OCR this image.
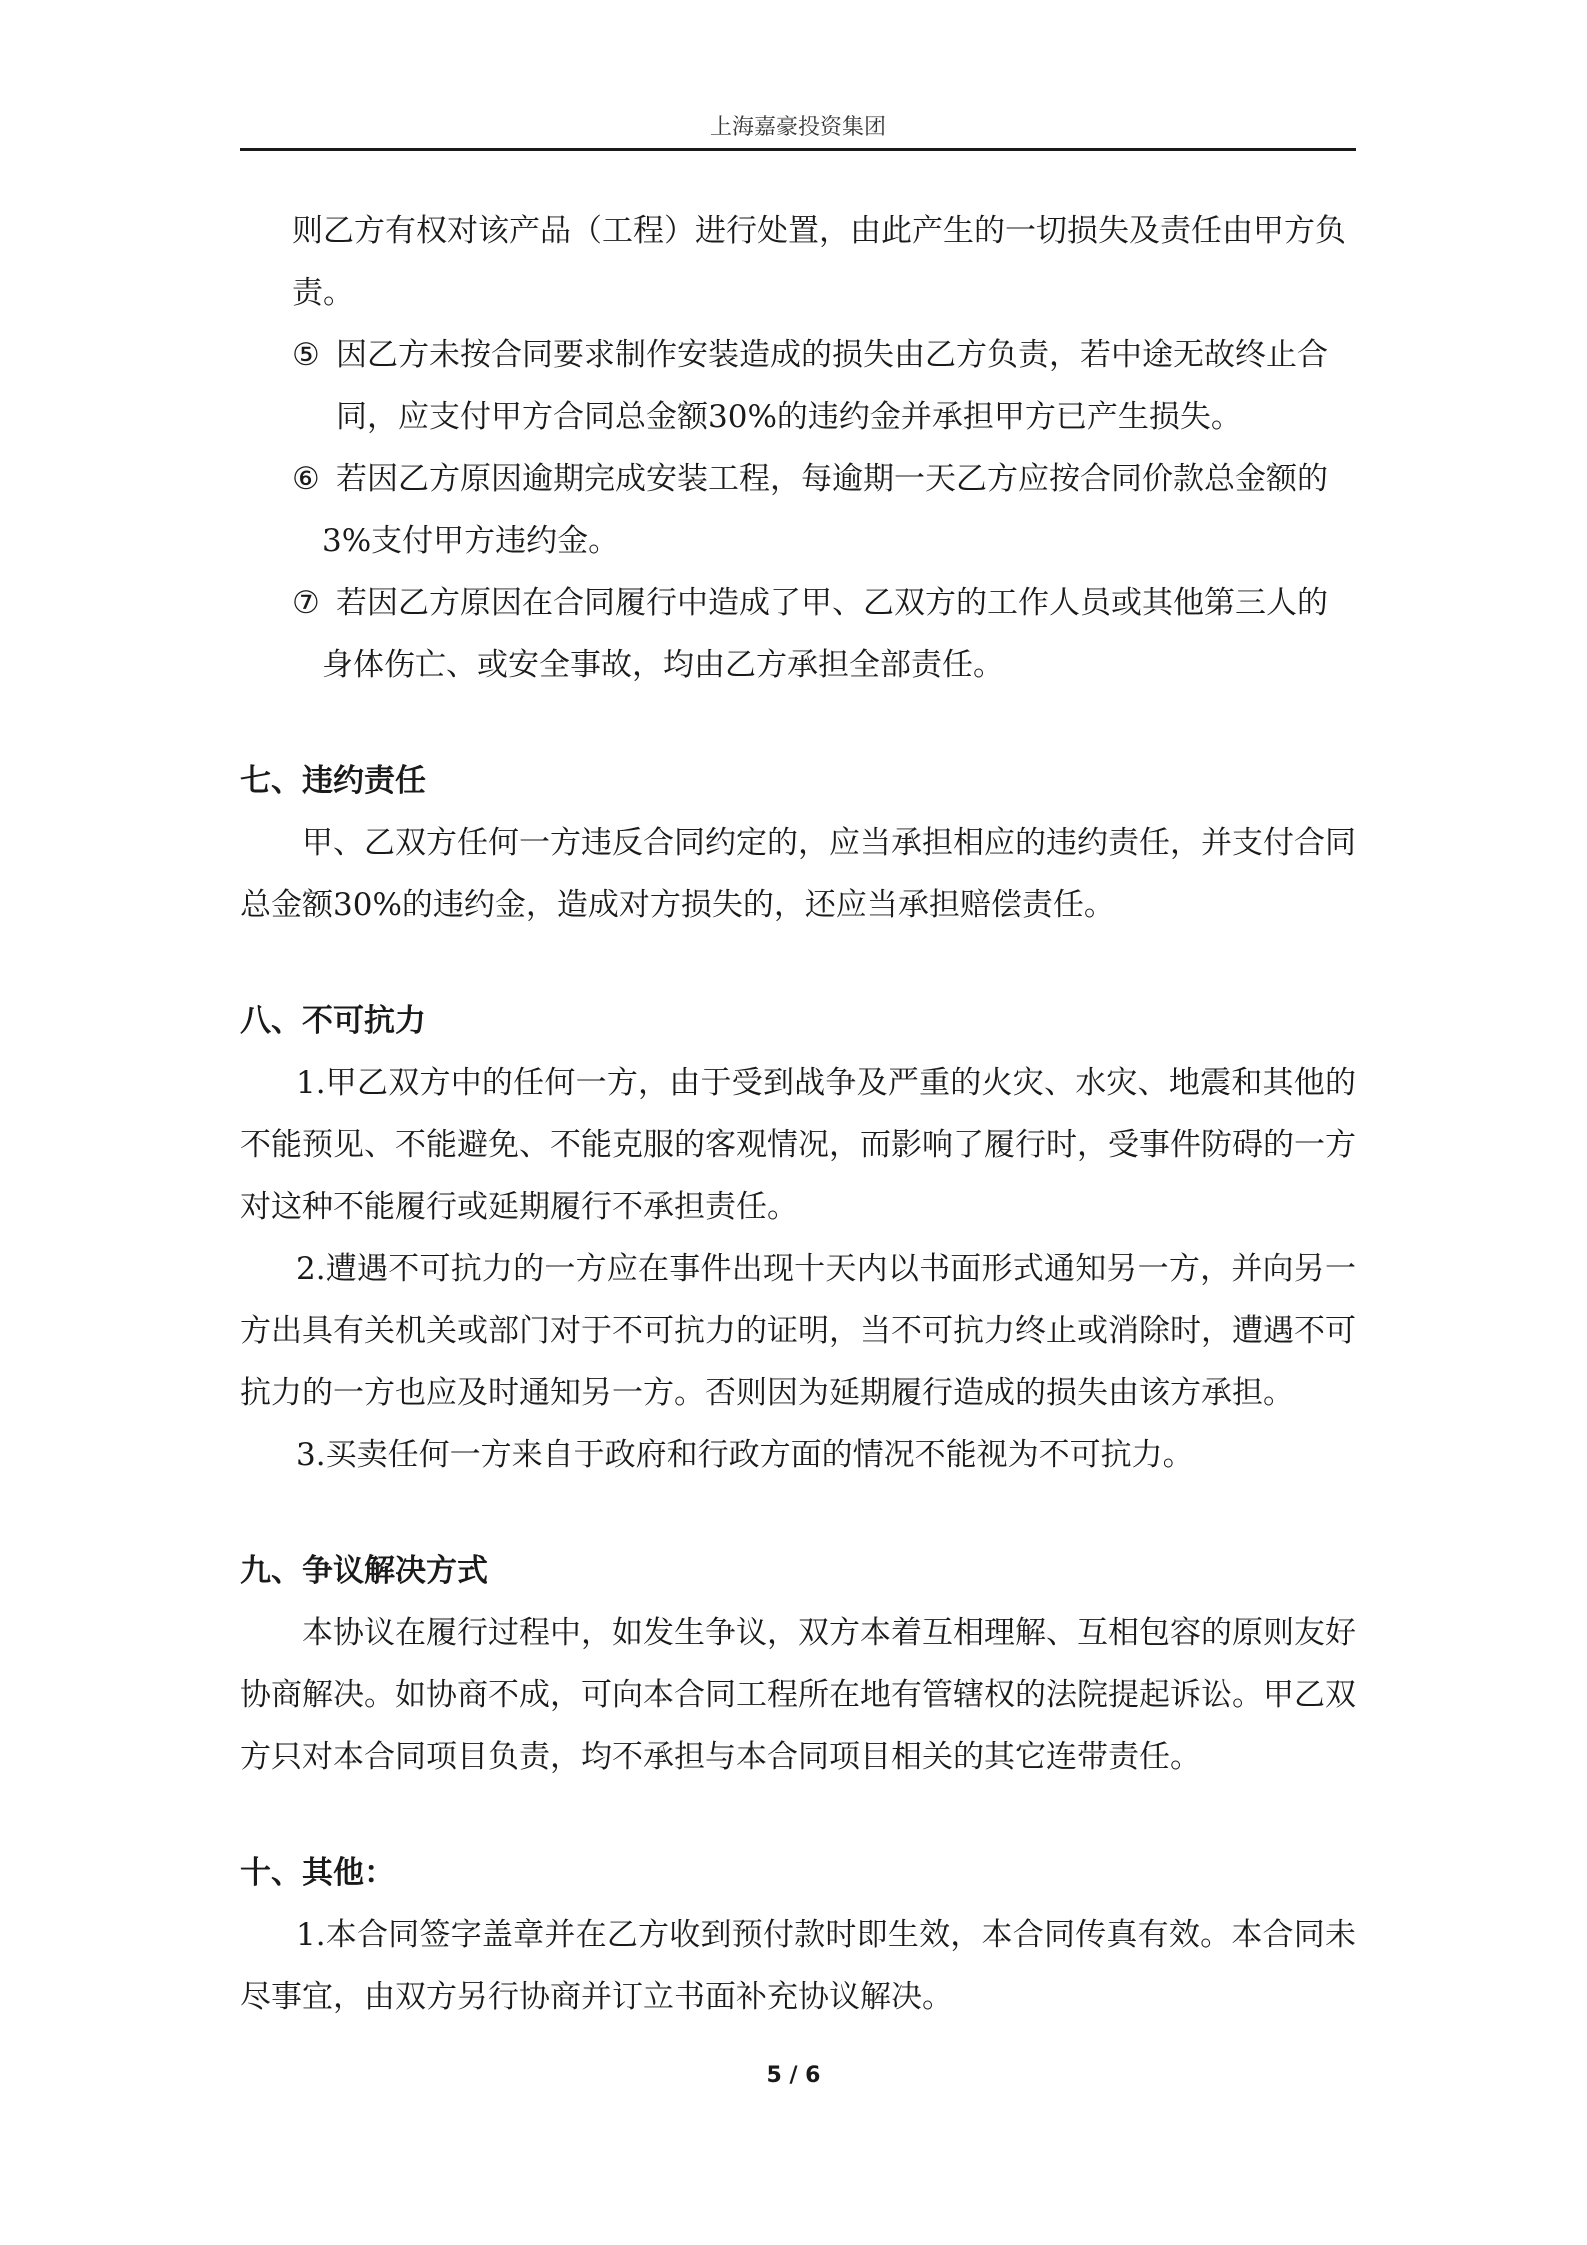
上海嘉豪投资集团
则乙方有权对该产品（工程）进行处置，由此产生的一切损失及责任由甲方负责。
⑤ 因乙方未按合同要求制作安装造成的损失由乙方负责，若中途无故终止合同，应支付甲方合同总金额30%的违约金并承担甲方已产生损失。
⑥ 若因乙方原因逾期完成安装工程，每逾期一天乙方应按合同价款总金额的
3%支付甲方违约金。
⑦ 若因乙方原因在合同履行中造成了甲、乙双方的工作人员或其他第三人的
身体伤亡、或安全事故，均由乙方承担全部责任。
七、违约责任
甲、乙双方任何一方违反合同约定的，应当承担相应的违约责任，并支付合同总金额30%的违约金，造成对方损失的，还应当承担赔偿责任。
八、不可抗力
1.甲乙双方中的任何一方，由于受到战争及严重的火灾、水灾、地震和其他的不能预见、不能避免、不能克服的客观情况，而影响了履行时，受事件防碍的一方对这种不能履行或延期履行不承担责任。
2.遭遇不可抗力的一方应在事件出现十天内以书面形式通知另一方，并向另一方出具有关机关或部门对于不可抗力的证明，当不可抗力终止或消除时，遭遇不可抗力的一方也应及时通知另一方。否则因为延期履行造成的损失由该方承担。
3.买卖任何一方来自于政府和行政方面的情况不能视为不可抗力。
九、争议解决方式
本协议在履行过程中，如发生争议，双方本着互相理解、互相包容的原则友好协商解决。如协商不成，可向本合同工程所在地有管辖权的法院提起诉讼。甲乙双方只对本合同项目负责，均不承担与本合同项目相关的其它连带责任。
十、其他：
1.本合同签字盖章并在乙方收到预付款时即生效，本合同传真有效。本合同未尽事宜，由双方另行协商并订立书面补充协议解决。
5 / 6
